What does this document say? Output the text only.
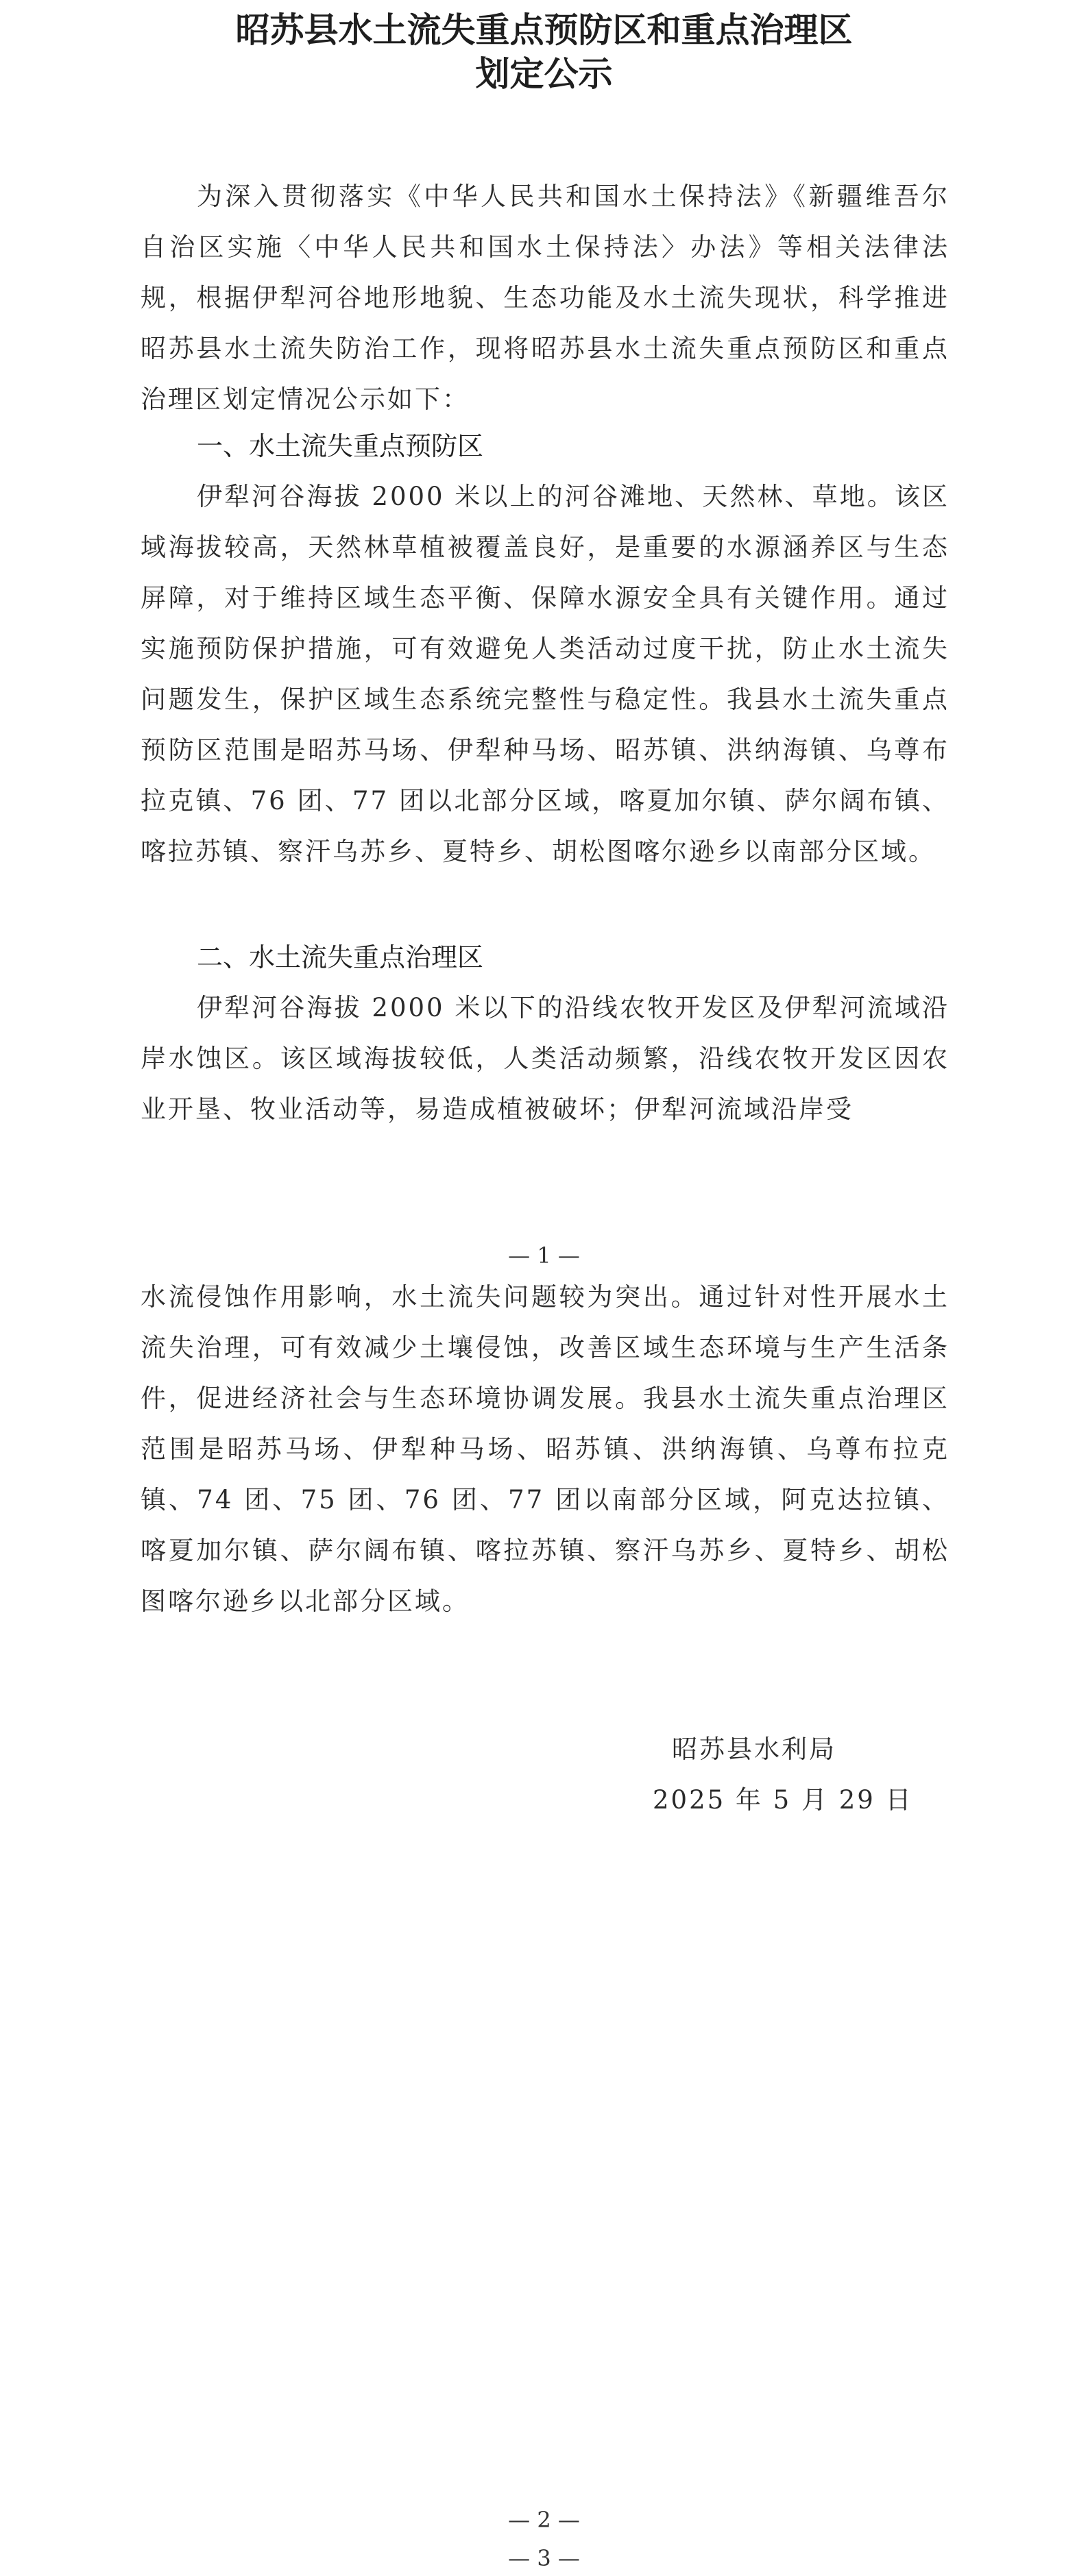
昭苏县水土流失重点预防区和重点治理区
划定公示

为深入贯彻落实《中华人民共和国水土保持法》《新疆维吾尔自治区实施〈中华人民共和国水土保持法〉办法》等相关法律法规，根据伊犁河谷地形地貌、生态功能及水土流失现状，科学推进昭苏县水土流失防治工作，现将昭苏县水土流失重点预防区和重点治理区划定情况公示如下：

一、水土流失重点预防区

伊犁河谷海拔 2000 米以上的河谷滩地、天然林、草地。该区域海拔较高，天然林草植被覆盖良好，是重要的水源涵养区与生态屏障，对于维持区域生态平衡、保障水源安全具有关键作用。通过实施预防保护措施，可有效避免人类活动过度干扰，防止水土流失问题发生，保护区域生态系统完整性与稳定性。我县水土流失重点预防区范围是昭苏马场、伊犁种马场、昭苏镇、洪纳海镇、乌尊布拉克镇、76 团、77 团以北部分区域，喀夏加尔镇、萨尔阔布镇、喀拉苏镇、察汗乌苏乡、夏特乡、胡松图喀尔逊乡以南部分区域。

二、水土流失重点治理区

伊犁河谷海拔 2000 米以下的沿线农牧开发区及伊犁河流域沿岸水蚀区。该区域海拔较低，人类活动频繁，沿线农牧开发区因农业开垦、牧业活动等，易造成植被破坏；伊犁河流域沿岸受

— 1 —

水流侵蚀作用影响，水土流失问题较为突出。通过针对性开展水土流失治理，可有效减少土壤侵蚀，改善区域生态环境与生产生活条件，促进经济社会与生态环境协调发展。我县水土流失重点治理区范围是昭苏马场、伊犁种马场、昭苏镇、洪纳海镇、乌尊布拉克镇、74 团、75 团、76 团、77 团以南部分区域，阿克达拉镇、喀夏加尔镇、萨尔阔布镇、喀拉苏镇、察汗乌苏乡、夏特乡、胡松图喀尔逊乡以北部分区域。

昭苏县水利局

2025 年 5 月 29 日

— 2 —

— 3 —
